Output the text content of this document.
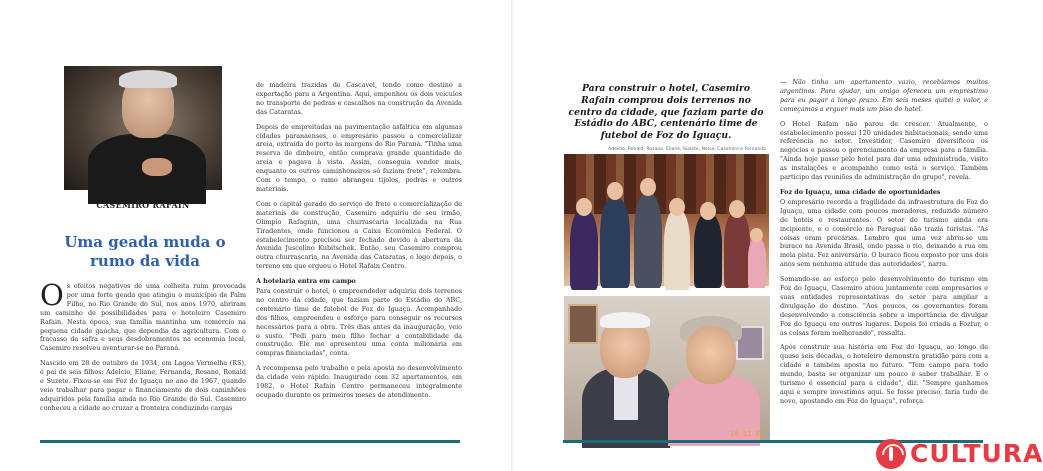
CASEMIRO RAFAIN
Uma geada muda o rumo da vida

Os efeitos negativos de uma colheita ruim provocada por uma forte geada que atingiu o município de Palm Filho, no Rio Grande do Sul, nos anos 1970, abriram um caminho de possibilidades para o hoteleiro Casemiro Rafain. Nesta época, sua família mantinha um comércio na pequena cidade gaúcha, que dependia da agricultura. Com o fracasso da safra e seus desdobramentos na economia local, Casemiro resolveu aventurar-se no Paraná.

Nascido em 28 de outubro de 1934, em Lagoa Vermelha (RS), é pai de seis filhos: Adelcio, Eliane, Fernanda, Rosane, Ronald e Suzete. Fixou-se em Foz do Iguaçu no ano de 1967, quando veio trabalhar para pagar o financiamento de dois caminhões adquiridos pela família ainda no Rio Grande do Sul. Casemiro conheceu a cidade ao cruzar a fronteira conduzindo cargas

de madeira trazidas de Cascavel, tendo como destino a exportação para a Argentina. Aqui, empenhou os dois veículos no transporte de pedras e cascalhos na construção da Avenida das Cataratas.

Depois de empreitadas na pavimentação asfáltica em algumas cidades paranaenses, o empresário passou a comercializar areia, extraída do porto às margens do Rio Paraná. "Tinha uma reserva de dinheiro, então comprava grande quantidade de areia e pagava à vista. Assim, conseguia vender mais, enquanto os outros caminhoneiros só faziam frete", relembra. Com o tempo, o ramo abrangeu tijolos, pedras e outros materiais.

Com o capital gerado do serviço de frete e comercialização de materiais de construção, Casemiro adquiriu de seu irmão, Olimpio Rafagnin, uma churrascaria localizada na Rua Tiradentes, onde funcionou a Caixa Econômica Federal. O estabelecimento precisou ser fechado devido à abertura da Avenida Juscelino Kubitschek. Então, seu Casemiro comprou outra churrascaria, na Avenida das Cataratas, e logo depois, o terreno em que ergueu o Hotel Rafain Centro.

A hotelaria entra em campo

Para construir o hotel, o empreendedor adquiriu dois terrenos no centro da cidade, que faziam parte do Estádio do ABC, centenário time de futebol de Foz do Iguaçu. Acompanhado dos filhos, empreendeu e esforço para conseguir os recursos necessários para a obra. Três dias antes da inauguração, veio o susto. "Pedi para meu filho fechar a contabilidade da construção. Ele me apresentou uma conta milionária em compras financiadas", conta.

A recompensa pelo trabalho e pela aposta no desenvolvimento da cidade veio rápido. Inaugurado com 32 apartamentos, em 1982, o Hotel Rafain Centro permaneceu integralmente ocupado durante os primeiros meses de atendimento.

Para construir o hotel, Casemiro Rafain comprou dois terrenos no centro da cidade, que faziam parte do Estádio do ABC, centenário time de futebol de Foz do Iguaçu.
Adelcio, Ronald, Rosane, Eliane, Suzete, Nelsa, Casemiro e Fernanda
10 11 05

— Não tinha um apartamento vazio, recebíamos muitos argentinos. Para ajudar, um amigo ofereceu um empréstimo para eu pagar a longo prazo. Em seis meses quitei o valor, e começamos a erguer mais um piso do hotel.

O Hotel Rafain não parou de crescer. Atualmente, o estabelecimento possui 120 unidades habitacionais, sendo uma referência no setor. Investidor, Casemiro diversificou os negócios e passou o gerenciamento da empresa para a família. "Ainda hoje passo pelo hotel para dar uma administrada, visito as instalações e acompanho como está o serviço. Também participo das reuniões de administração do grupo", revela.

Foz do Iguaçu, uma cidade de oportunidades

O empresário recorda a fragilidade da infraestrutura de Foz do Iguaçu, uma cidade com poucos moradores, reduzido número de hotéis e restaurantes. O setor de turismo ainda era incipiente, e o comércio no Paraguai não trazia turistas. "As coisas eram precárias. Lembro que uma vez abriu-se um buraco na Avenida Brasil, onde passa o rio, deixando a rua em meia pista. Fez aniversário. O buraco ficou exposto por uns dois anos sem nenhuma atitude das autoridades", narra.

Somando-se ao esforço pelo desenvolvimento do turismo em Foz do Iguaçu, Casemiro atuou juntamente com empresários e suas entidades representativas do setor para ampliar a divulgação do destino. "Aos poucos, os governantes foram desenvolvendo a consciência sobre a importância de divulgar Foz do Iguaçu em outros lugares. Depois foi criada a Foztur, e as coisas foram melhorando", ressalta.

Após construir sua história em Foz do Iguaçu, ao longo de quase seis décadas, o hoteleiro demonstra gratidão para com a cidade e também aposta no futuro. "Tem campo para todo mundo, basta se organizar um pouco e saber trabalhar. E o turismo é essencial para a cidade", diz. "Sempre ganhamos aqui e sempre investimos aqui. Se fosse preciso, faria tudo de novo, apostando em Foz do Iguaçu", reforça.

CULTURA
